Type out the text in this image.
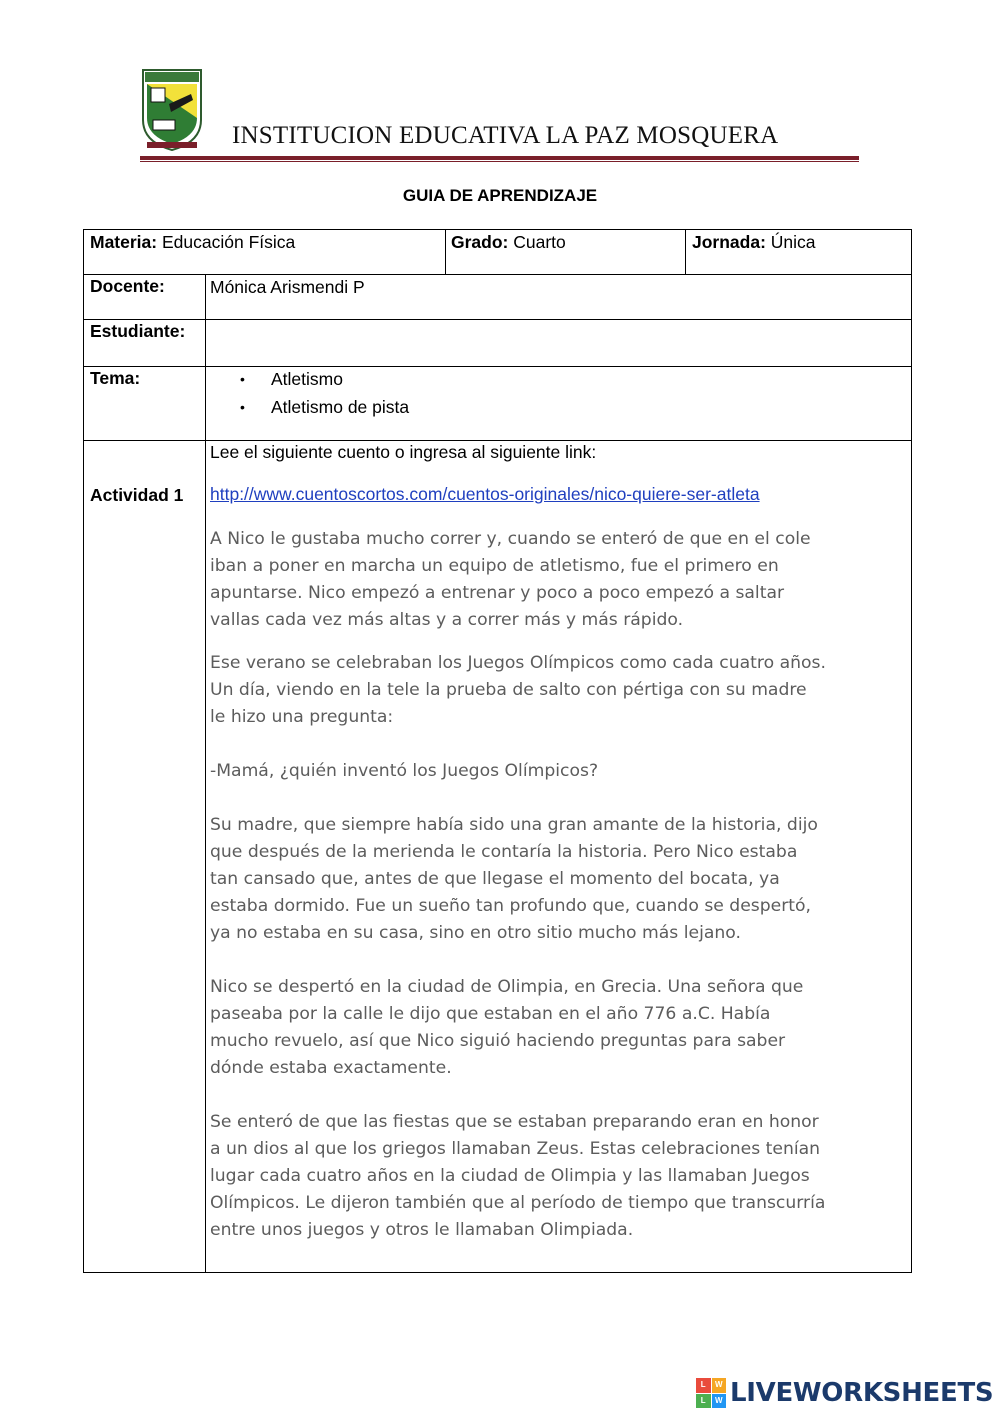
INSTITUCION EDUCATIVA LA PAZ MOSQUERA
GUIA DE APRENDIZAJE
Materia: Educación Física	Grado: Cuarto	Jornada: Única
Docente:	Mónica Arismendi P
Estudiante:
Tema:
•	Atletismo
• Atletismo de pista
Actividad 1
Lee el siguiente cuento o ingresa al siguiente link:
http://www.cuentoscortos.com/cuentos-originales/nico-quiere-ser-atleta
A Nico le gustaba mucho correr y, cuando se enteró de que en el cole
iban a poner en marcha un equipo de atletismo, fue el primero en
apuntarse. Nico empezó a entrenar y poco a poco empezó a saltar
vallas cada vez más altas y a correr más y más rápido.
Ese verano se celebraban los Juegos Olímpicos como cada cuatro años.
Un día, viendo en la tele la prueba de salto con pértiga con su madre
le hizo una pregunta:
-Mamá, ¿quién inventó los Juegos Olímpicos?
Su madre, que siempre había sido una gran amante de la historia, dijo
que después de la merienda le contaría la historia. Pero Nico estaba
tan cansado que, antes de que llegase el momento del bocata, ya
estaba dormido. Fue un sueño tan profundo que, cuando se despertó,
ya no estaba en su casa, sino en otro sitio mucho más lejano.
Nico se despertó en la ciudad de Olimpia, en Grecia. Una señora que
paseaba por la calle le dijo que estaban en el año 776 a.C. Había
mucho revuelo, así que Nico siguió haciendo preguntas para saber
dónde estaba exactamente.
Se enteró de que las fiestas que se estaban preparando eran en honor
a un dios al que los griegos llamaban Zeus. Estas celebraciones tenían
lugar cada cuatro años en la ciudad de Olimpia y las llamaban Juegos
Olímpicos. Le dijeron también que al período de tiempo que transcurría
entre unos juegos y otros le llamaban Olimpiada.
L	W
L	W LIVEWORKSHEETS
